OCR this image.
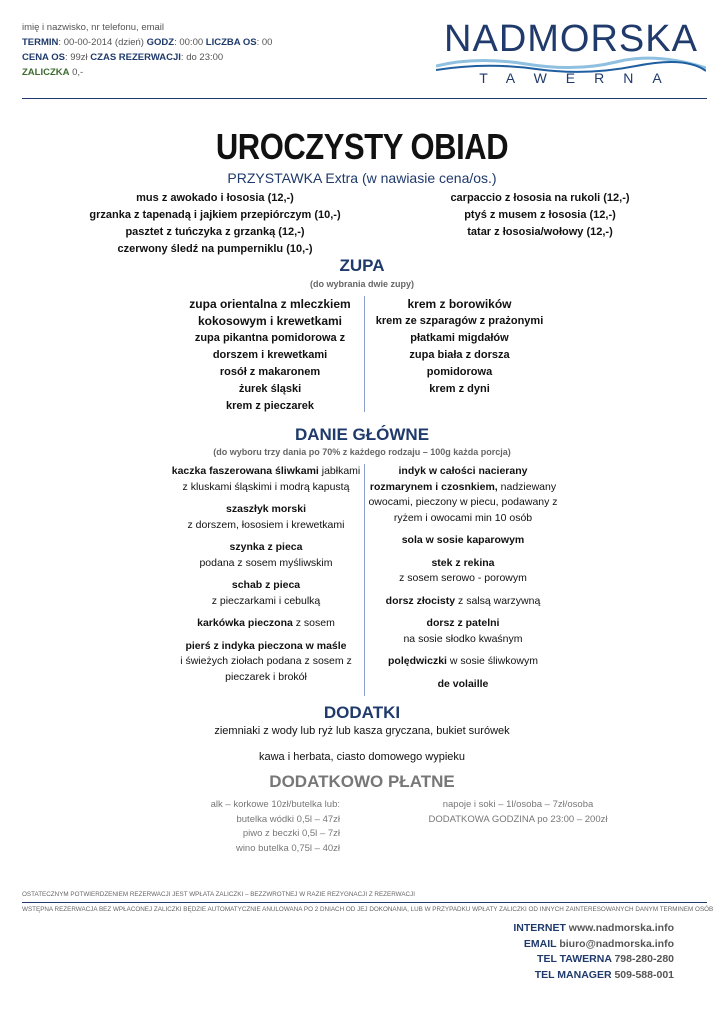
imię i nazwisko, nr telefonu, email
TERMIN: 00-00-2014 (dzień) GODZ: 00:00 LICZBA OS: 00
CENA OS: 99zł CZAS REZERWACJI: do 23:00
ZALICZKA 0,-
NADMORSKA
TAWERNA
UROCZYSTY OBIAD
PRZYSTAWKA Extra (w nawiasie cena/os.)
mus z awokado i łososia (12,-)
grzanka z tapenadą i jajkiem przepiórczym (10,-)
pasztet z tuńczyka z grzanką (12,-)
czerwony śledź na pumperniklu (10,-)
carpaccio z łososia na rukoli (12,-)
ptyś z musem z łososia (12,-)
tatar z łososia/wołowy (12,-)
ZUPA
(do wybrania dwie zupy)
zupa orientalna z mleczkiem kokosowym i krewetkami
zupa pikantna pomidorowa z dorszem i krewetkami
rosół z makaronem
żurek śląski
krem z pieczarek
krem z borowików
krem ze szparagów z prażonymi płatkami migdałów
zupa biała z dorsza
pomidorowa
krem z dyni
DANIE GŁÓWNE
(do wyboru trzy dania po 70% z każdego rodzaju – 100g każda porcja)
kaczka faszerowana śliwkami jabłkami z kluskami śląskimi i modrą kapustą
szaszłyk morski
z dorszem, łososiem i krewetkami
szynka z pieca
podana z sosem myśliwskim
schab z pieca
z pieczarkami i cebulką
karkówka pieczona z sosem
pierś z indyka pieczona w maśle
i świeżych ziołach podana z sosem z pieczarek i brokół
indyk w całości nacierany rozmarynem i czosnkiem, nadziewany owocami, pieczony w piecu, podawany z ryżem i owocami min 10 osób
sola w sosie kaparowym
stek z rekina
z sosem serowo - porowym
dorsz złocisty z salsą warzywną
dorsz z patelni
na sosie słodko kwaśnym
polędwiczki w sosie śliwkowym
de volaille
DODATKI
ziemniaki z wody lub ryż lub kasza gryczana, bukiet surówek
kawa i herbata, ciasto domowego wypieku
DODATKOWO PŁATNE
alk – korkowe 10zł/butelka lub:
butelka wódki 0,5l – 47zł
piwo z beczki 0,5l – 7zł
wino butelka 0,75l – 40zł
napoje i soki – 1l/osoba – 7zł/osoba
DODATKOWA GODZINA po 23:00 – 200zł
OSTATECZNYM POTWIERDZENIEM REZERWACJI JEST WPŁATA ZALICZKI – BEZZWROTNEJ W RAZIE REZYGNACJI Z REZERWACJI
WSTĘPNA REZERWACJA BEZ WPŁACONEJ ZALICZKI BĘDZIE AUTOMATYCZNIE ANULOWANA PO 2 DNIACH OD JEJ DOKONANIA, LUB W PRZYPADKU WPŁATY ZALICZKI OD INNYCH ZAINTERESOWANYCH DANYM TERMINEM OSÓB
INTERNET www.nadmorska.info
EMAIL biuro@nadmorska.info
TEL TAWERNA 798-280-280
TEL MANAGER 509-588-001
